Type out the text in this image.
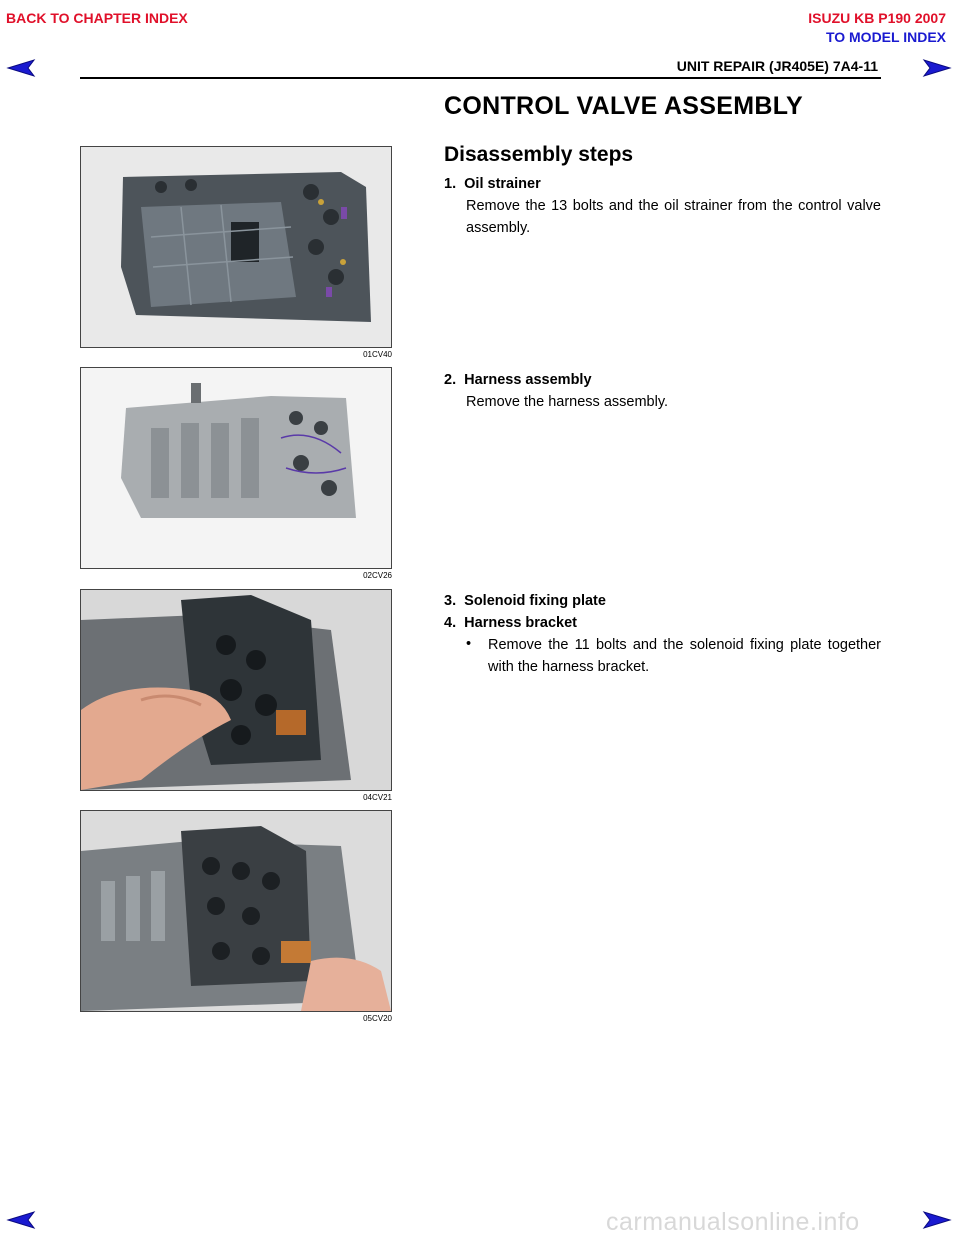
BACK TO CHAPTER INDEX	ISUZU KB P190 2007
TO MODEL INDEX
UNIT REPAIR (JR405E) 7A4-11
CONTROL VALVE ASSEMBLY
Disassembly steps
01CV40
02CV26
04CV21
05CV20
1. Oil strainer
Remove the 13 bolts and the oil strainer from the control valve assembly.
2. Harness assembly
Remove the harness assembly.
3. Solenoid fixing plate
4. Harness bracket
• Remove the 11 bolts and the solenoid fixing plate together with the harness bracket.
carmanualsonline.info
